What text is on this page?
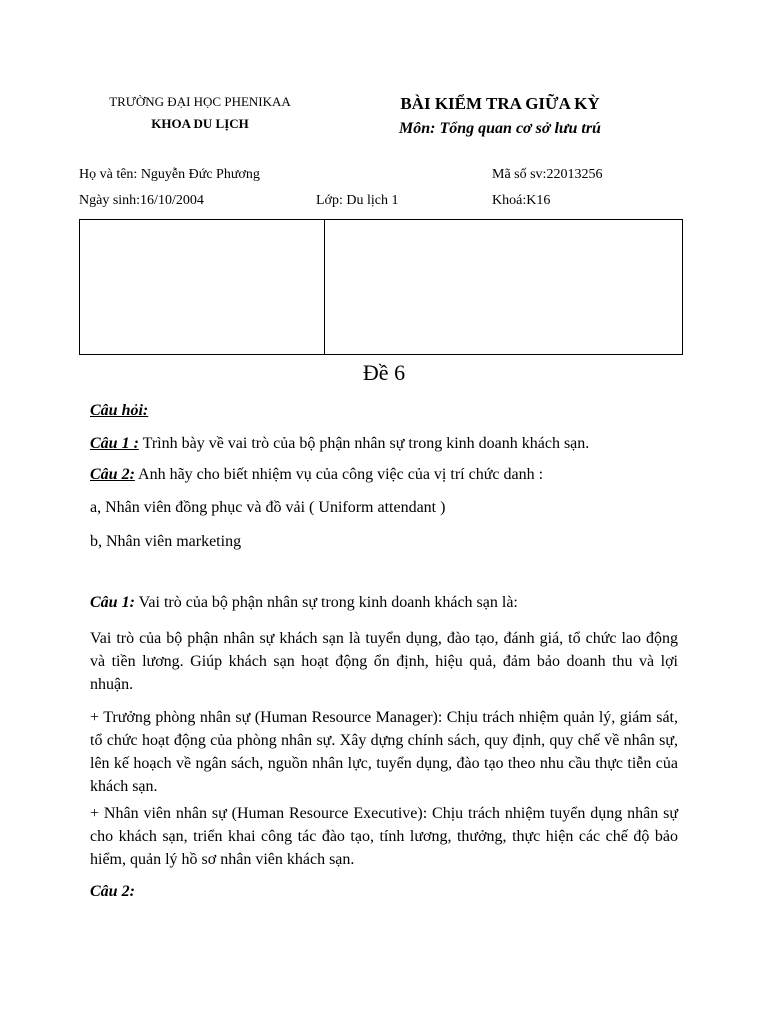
TRƯỜNG ĐẠI HỌC PHENIKAA
KHOA DU LỊCH
BÀI KIỂM TRA GIỮA KỲ
Môn: Tổng quan cơ sở lưu trú
Họ và tên: Nguyễn Đức Phương	Mã số sv:22013256
Ngày sinh:16/10/2004	Lớp: Du lịch 1	Khoá:K16
Đề 6
Câu hỏi:
Câu 1 : Trình bày về vai trò của bộ phận nhân sự trong kinh doanh khách sạn.
Câu 2: Anh hãy cho biết nhiệm vụ của công việc của vị trí chức danh :
a, Nhân viên đồng phục và đồ vải ( Uniform attendant )
b, Nhân viên marketing
Câu 1: Vai trò của bộ phận nhân sự trong kinh doanh khách sạn là:
Vai trò của bộ phận nhân sự khách sạn là tuyển dụng, đào tạo, đánh giá, tổ chức lao động và tiền lương. Giúp khách sạn hoạt động ổn định, hiệu quả, đảm bảo doanh thu và lợi nhuận.
+ Trưởng phòng nhân sự (Human Resource Manager): Chịu trách nhiệm quản lý, giám sát, tổ chức hoạt động của phòng nhân sự. Xây dựng chính sách, quy định, quy chế về nhân sự, lên kế hoạch về ngân sách, nguồn nhân lực, tuyển dụng, đào tạo theo nhu cầu thực tiễn của khách sạn.
+ Nhân viên nhân sự (Human Resource Executive): Chịu trách nhiệm tuyển dụng nhân sự cho khách sạn, triển khai công tác đào tạo, tính lương, thưởng, thực hiện các chế độ bảo hiểm, quản lý hồ sơ nhân viên khách sạn.
Câu 2:
